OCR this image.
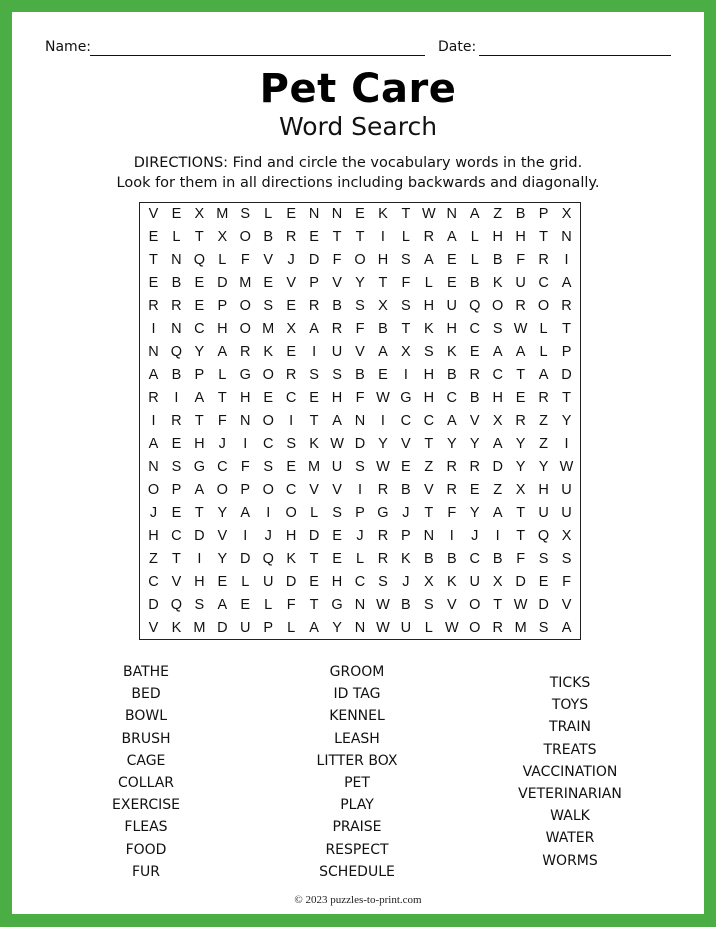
Name:	Date:
Pet Care
Word Search
DIRECTIONS: Find and circle the vocabulary words in the grid.
Look for them in all directions including backwards and diagonally.
V E X M S L E N N E K T W N A Z B P X
E L T X O B R E T T	I	L R A L H H T N
T N Q L F V J D F O H S A E L B F R	I
E B E D M E V P V Y T F L E B K U C A
R R E P O S E R B S X S H U Q O R O R
I	N C H O M X A R F B T K H C S W L T
N Q Y A R K E	I	U V A X S K E A A L P
A B P L G O R S S B E	I	H B R C T A D
R	I	A T H E C E H F W G H C B H E R T
I	R T F N O	I	T A N	I	C C A V X R Z Y
A E H J	I	C S K W D Y V T Y Y A Y Z	I
N S G C F S E M U S W E Z R R D Y Y W
O P A O P O C V V	I	R B V R E Z X H U
J E T Y A	I	O L S P G J	T F Y A T U U
H C D V	I	J H D E J R P N	I	J	I	T Q X
Z T	I	Y D Q K T E L R K B B C B F S S
C V H E L U D E H C S J	X K U X D E F
D Q S A E L F T G N W B S V O T W D V
V K M D U P L A Y N W U L W O R M S A
BATHE
BED
BOWL
BRUSH
CAGE
COLLAR
EXERCISE
FLEAS
FOOD
FUR
GROOM
ID TAG
KENNEL
LEASH
LITTER BOX
PET
PLAY
PRAISE
RESPECT
SCHEDULE
TICKS
TOYS
TRAIN
TREATS
VACCINATION
VETERINARIAN
WALK
WATER
WORMS
© 2023 puzzles-to-print.com
